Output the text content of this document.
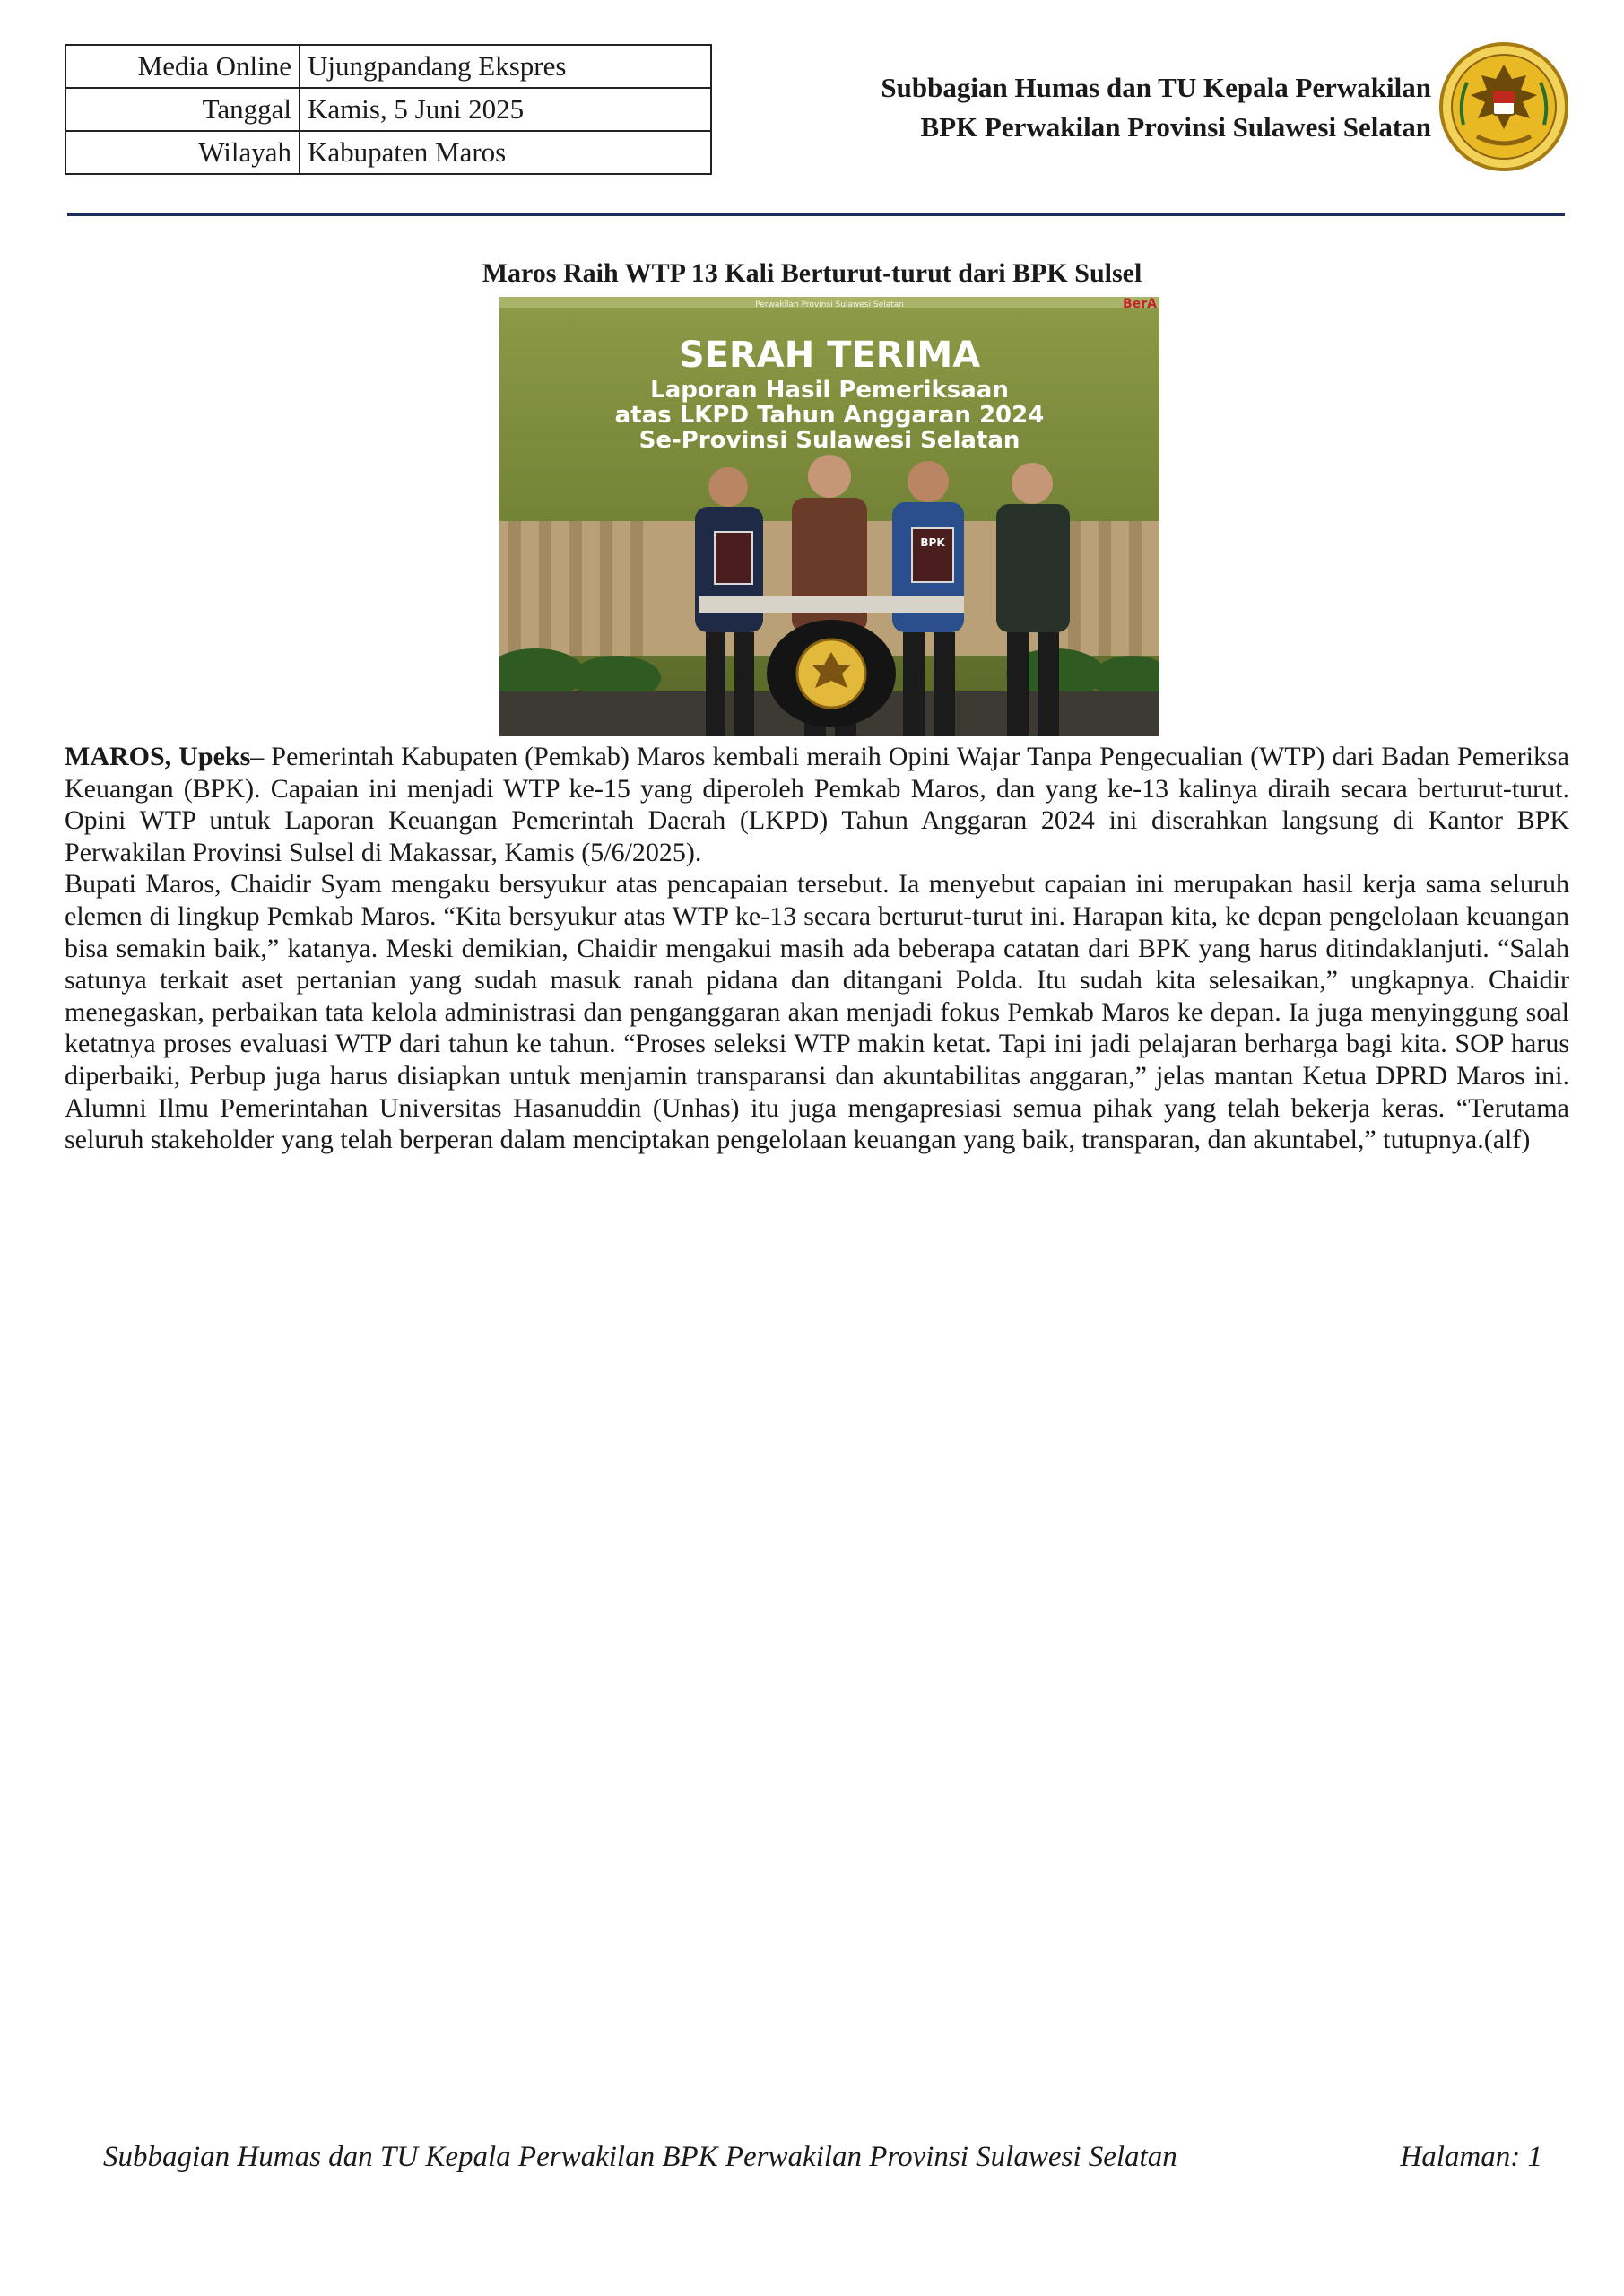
Media Online	Ujungpandang Ekspres
Tanggal	Kamis, 5 Juni 2025
Wilayah	Kabupaten Maros
Subbagian Humas dan TU Kepala Perwakilan
BPK Perwakilan Provinsi Sulawesi Selatan
Maros Raih WTP 13 Kali Berturut-turut dari BPK Sulsel
Perwakilan Provinsi Sulawesi Selatan	BerA
SERAH TERIMA
Laporan Hasil Pemeriksaan
atas LKPD Tahun Anggaran 2024
Se-Provinsi Sulawesi Selatan
BPK

MAROS, Upeks– Pemerintah Kabupaten (Pemkab) Maros kembali meraih Opini Wajar Tanpa Pengecualian (WTP) dari Badan Pemeriksa Keuangan (BPK). Capaian ini menjadi WTP ke-15 yang diperoleh Pemkab Maros, dan yang ke-13 kalinya diraih secara berturut-turut. Opini WTP untuk Laporan Keuangan Pemerintah Daerah (LKPD) Tahun Anggaran 2024 ini diserahkan langsung di Kantor BPK Perwakilan Provinsi Sulsel di Makassar, Kamis (5/6/2025).

Bupati Maros, Chaidir Syam mengaku bersyukur atas pencapaian tersebut. Ia menyebut capaian ini merupakan hasil kerja sama seluruh elemen di lingkup Pemkab Maros. “Kita bersyukur atas WTP ke-13 secara berturut-turut ini. Harapan kita, ke depan pengelolaan keuangan bisa semakin baik,” katanya. Meski demikian, Chaidir mengakui masih ada beberapa catatan dari BPK yang harus ditindaklanjuti. “Salah satunya terkait aset pertanian yang sudah masuk ranah pidana dan ditangani Polda. Itu sudah kita selesaikan,” ungkapnya. Chaidir menegaskan, perbaikan tata kelola administrasi dan penganggaran akan menjadi fokus Pemkab Maros ke depan. Ia juga menyinggung soal ketatnya proses evaluasi WTP dari tahun ke tahun. “Proses seleksi WTP makin ketat. Tapi ini jadi pelajaran berharga bagi kita. SOP harus diperbaiki, Perbup juga harus disiapkan untuk menjamin transparansi dan akuntabilitas anggaran,” jelas mantan Ketua DPRD Maros ini. Alumni Ilmu Pemerintahan Universitas Hasanuddin (Unhas) itu juga mengapresiasi semua pihak yang telah bekerja keras. “Terutama seluruh stakeholder yang telah berperan dalam menciptakan pengelolaan keuangan yang baik, transparan, dan akuntabel,” tutupnya.(alf)

Subbagian Humas dan TU Kepala Perwakilan BPK Perwakilan Provinsi Sulawesi Selatan	Halaman: 1
